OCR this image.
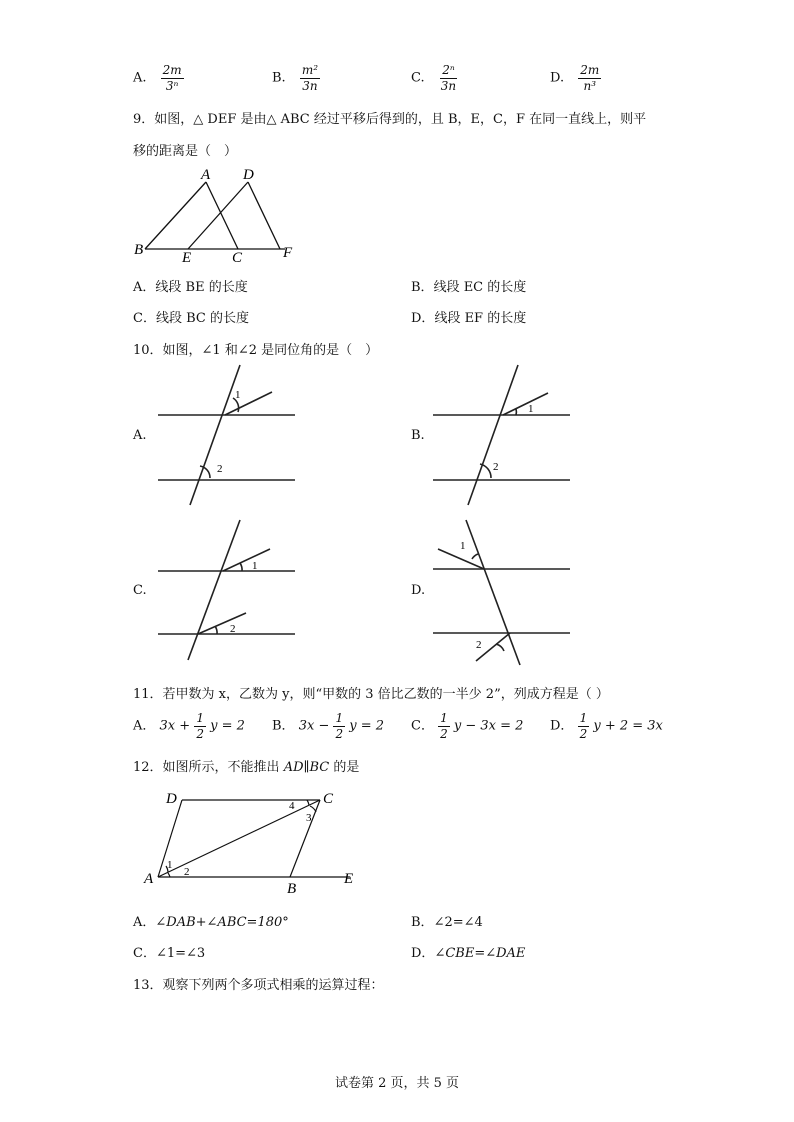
A. $\frac{2m}{\text{3ⁿ}}$	B. $\frac{\text{m²}}{3n}$	C. $\frac{\text{2ⁿ}}{3n}$	D. $\frac{2m}{\text{n³}}$
9．如图，△ DEF 是由△ ABC 经过平移后得到的，且 B，E，C，F 在同一直线上，则平
移的距离是（　）
A D
B	E	C	F
A．线段 BE 的长度	B．线段 EC 的长度
C．线段 BC 的长度	D．线段 EF 的长度
10．如图，∠1 和∠2 是同位角的是（　）
A.
1
2
B.
1
2
C.
1
2
D.
1
2
11．若甲数为 x，乙数为 y，则“甲数的 3 倍比乙数的一半少 2”，列成方程是（ ）
A． $3x + \frac{1}{2}$ y = 2 B． $3x - \frac{1}{2}$ y = 2 C． $\frac{1}{2}$ y − 3x = 2 D． $\frac{1}{2}$ y + 2 = 3x
12．如图所示，不能推出 AD∥BC 的是
D	C
A
B
E
1
2
3
4
A．∠DAB+∠ABC=180°	B．∠2=∠4
C．∠1=∠3	D．∠CBE=∠DAE
13．观察下列两个多项式相乘的运算过程：
试卷第 2 页，共 5 页
